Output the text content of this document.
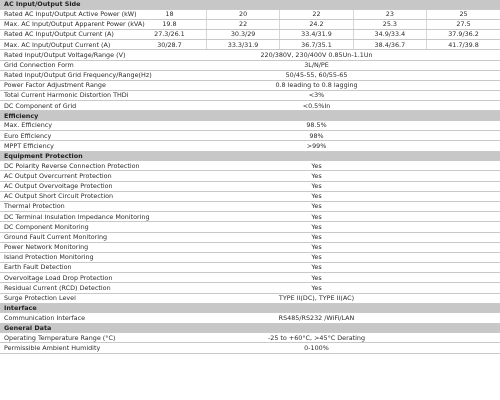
AC Input/Output Side					
Rated AC Input/Output Active Power (kW)	18	20	22	23	25
Max. AC Input/Output Apparent Power (kVA)	19.8	22	24.2	25.3	27.5
Rated AC Input/Output Current (A)	27.3/26.1	30.3/29	33.4/31.9	34.9/33.4	37.9/36.2
Max. AC Input/Output Current (A)	30/28.7	33.3/31.9	36.7/35.1	38.4/36.7	41.7/39.8
Rated Input/Output Voltage/Range (V)	220/380V, 230/400V 0.85Un-1.1Un				
Grid Connection Form	3L/N/PE				
Rated Input/Output Grid Frequency/Range(Hz)	50/45-55, 60/55-65				
Power Factor Adjustment Range	0.8 leading to 0.8 lagging				
Total Current Harmonic Distortion THDi	<3%				
DC Component of Grid	<0.5%In				
Efficiency					
Max. Efficiency	98.5%				
Euro Efficiency	98%				
MPPT Efficiency	>99%				
Equipment Protection					
DC Polarity Reverse Connection Protection	Yes				
AC Output Overcurrent Protection	Yes				
AC Output Overvoltage Protection	Yes				
AC Output Short Circuit Protection	Yes				
Thermal Protection	Yes				
DC Terminal Insulation Impedance Monitoring	Yes				
DC Component Monitoring	Yes				
Ground Fault Current Monitoring	Yes				
Power Network Monitoring	Yes				
Island Protection Monitoring	Yes				
Earth Fault Detection	Yes				
Overvoltage Load Drop Protection	Yes				
Residual Current (RCD) Detection	Yes				
Surge Protection Level	TYPE II(DC), TYPE II(AC)				
Interface					
Communication Interface	RS485/RS232 /WiFi/LAN				
General Data					
Operating Temperature Range (°C)	-25 to +60°C, >45°C Derating				
Permissible Ambient Humidity	0-100%				
